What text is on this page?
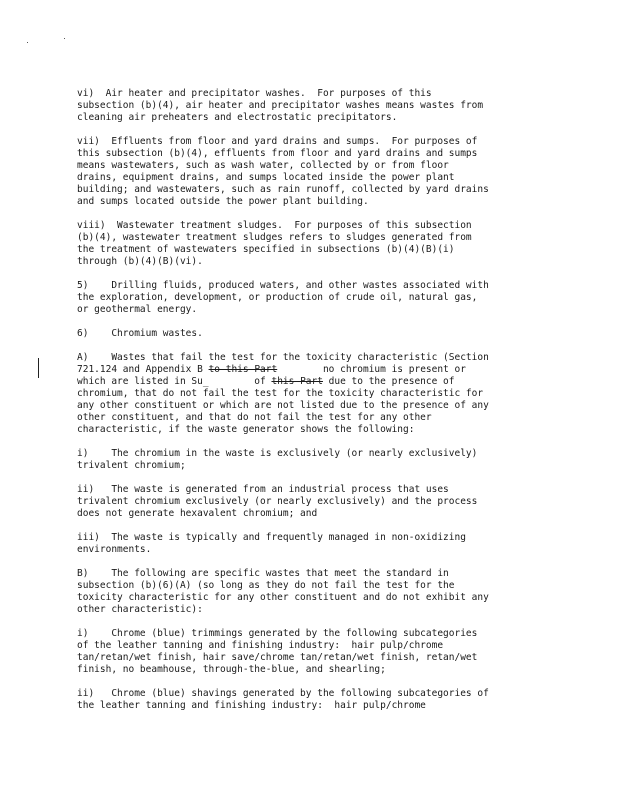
vi)  Air heater and precipitator washes.  For purposes of this
subsection (b)(4), air heater and precipitator washes means wastes from
cleaning air preheaters and electrostatic precipitators.
vii)  Effluents from floor and yard drains and sumps.  For purposes of
this subsection (b)(4), effluents from floor and yard drains and sumps
means wastewaters, such as wash water, collected by or from floor
drains, equipment drains, and sumps located inside the power plant
building; and wastewaters, such as rain runoff, collected by yard drains
and sumps located outside the power plant building.
viii)  Wastewater treatment sludges.  For purposes of this subsection
(b)(4), wastewater treatment sludges refers to sludges generated from
the treatment of wastewaters specified in subsections (b)(4)(B)(i)
through (b)(4)(B)(vi).
5)    Drilling fluids, produced waters, and other wastes associated with
the exploration, development, or production of crude oil, natural gas,
or geothermal energy.
6)    Chromium wastes.
A)    Wastes that fail the test for the toxicity characteristic (Section
721.124 and Appendix B to this Part        no chromium is present or
which are listed in Su_        of this Part due to the presence of
chromium, that do not fail the test for the toxicity characteristic for
any other constituent or which are not listed due to the presence of any
other constituent, and that do not fail the test for any other
characteristic, if the waste generator shows the following:
i)    The chromium in the waste is exclusively (or nearly exclusively)
trivalent chromium;
ii)   The waste is generated from an industrial process that uses
trivalent chromium exclusively (or nearly exclusively) and the process
does not generate hexavalent chromium; and
iii)  The waste is typically and frequently managed in non-oxidizing
environments.
B)    The following are specific wastes that meet the standard in
subsection (b)(6)(A) (so long as they do not fail the test for the
toxicity characteristic for any other constituent and do not exhibit any
other characteristic):
i)    Chrome (blue) trimmings generated by the following subcategories
of the leather tanning and finishing industry:  hair pulp/chrome
tan/retan/wet finish, hair save/chrome tan/retan/wet finish, retan/wet
finish, no beamhouse, through-the-blue, and shearling;
ii)   Chrome (blue) shavings generated by the following subcategories of
the leather tanning and finishing industry:  hair pulp/chrome
